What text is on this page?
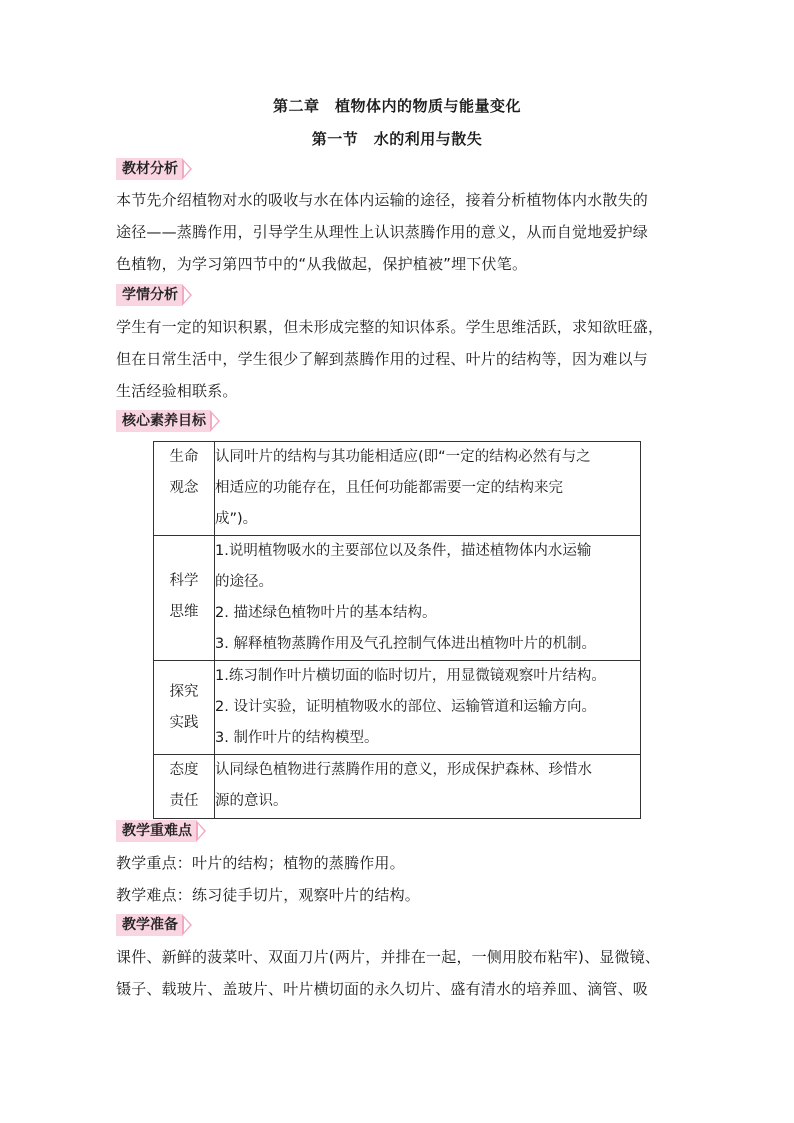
第二章　植物体内的物质与能量变化
第一节　水的利用与散失
教材分析

本节先介绍植物对水的吸收与水在体内运输的途径，接着分析植物体内水散失的

途径——蒸腾作用，引导学生从理性上认识蒸腾作用的意义，从而自觉地爱护绿

色植物，为学习第四节中的“从我做起，保护植被”埋下伏笔。

学情分析

学生有一定的知识积累，但未形成完整的知识体系。学生思维活跃，求知欲旺盛，

但在日常生活中，学生很少了解到蒸腾作用的过程、叶片的结构等，因为难以与

生活经验相联系。

核心素养目标
生命
观念	认同叶片的结构与其功能相适应(即“一定的结构必然有与之
相适应的功能存在，且任何功能都需要一定的结构来完
成”)。

科学
思维	1.说明植物吸水的主要部位以及条件，描述植物体内水运输
的途径。
2. 描述绿色植物叶片的基本结构。
3. 解释植物蒸腾作用及气孔控制气体进出植物叶片的机制。

探究
实践	1.练习制作叶片横切面的临时切片，用显微镜观察叶片结构。
2. 设计实验，证明植物吸水的部位、运输管道和运输方向。
3. 制作叶片的结构模型。

态度
责任	认同绿色植物进行蒸腾作用的意义，形成保护森林、珍惜水
源的意识。
教学重难点

教学重点：叶片的结构；植物的蒸腾作用。

教学难点：练习徒手切片，观察叶片的结构。

教学准备

课件、新鲜的菠菜叶、双面刀片(两片，并排在一起，一侧用胶布粘牢)、显微镜、

镊子、载玻片、盖玻片、叶片横切面的永久切片、盛有清水的培养皿、滴管、吸
